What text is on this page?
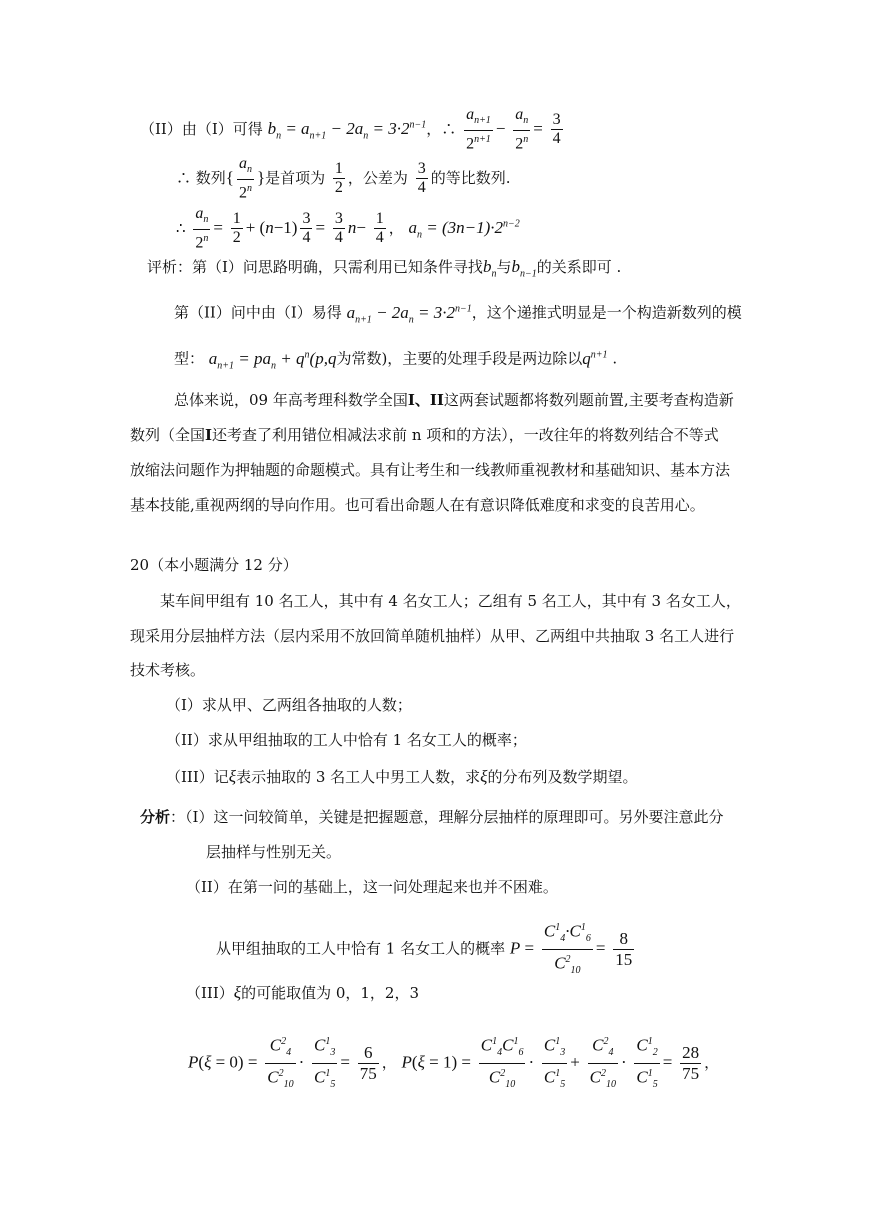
（II）由（I）可得 $b_n = a_{n+1} - 2a_n = 3\cdot 2^{n-1}$，∴ $\frac{a_{n+1}}{2^{n+1}} - \frac{a_n}{2^n} = \frac{3}{4}$
∴ 数列{ $\frac{a_n}{2^n}$ }是首项为 $\frac{1}{2}$ ，公差为 $\frac{3}{4}$ 的等比数列.
∴ $\frac{a_n}{2^n} = \frac{1}{2} + (n-1) \frac{3}{4} = \frac{3}{4} n- \frac{1}{4}$ ， $a_n = (3n-1)\cdot 2^{n-2}$
评析：第（I）问思路明确，只需利用已知条件寻找$b_n$与$b_{n-1}$的关系即可 .
第（II）问中由（I）易得 $a_{n+1} - 2a_n = 3\cdot 2^{n-1}$，这个递推式明显是一个构造新数列的模
型： $a_{n+1} = pa_n + q^n(p,q$为常数)，主要的处理手段是两边除以$q^{n+1}$ .
总体来说，09 年高考理科数学全国I、II这两套试题都将数列题前置,主要考查构造新
数列（全国I还考查了利用错位相减法求前 n 项和的方法），一改往年的将数列结合不等式
放缩法问题作为押轴题的命题模式。具有让考生和一线教师重视教材和基础知识、基本方法
基本技能,重视两纲的导向作用。也可看出命题人在有意识降低难度和求变的良苦用心。
20（本小题满分 12 分）
某车间甲组有 10 名工人，其中有 4 名女工人；乙组有 5 名工人，其中有 3 名女工人，
现采用分层抽样方法（层内采用不放回简单随机抽样）从甲、乙两组中共抽取 3 名工人进行
技术考核。
（I）求从甲、乙两组各抽取的人数；
（II）求从甲组抽取的工人中恰有 1 名女工人的概率；
（III）记ξ表示抽取的 3 名工人中男工人数，求ξ的分布列及数学期望。
分析：（I）这一问较简单，关键是把握题意，理解分层抽样的原理即可。另外要注意此分
层抽样与性别无关。
（II）在第一问的基础上，这一问处理起来也并不困难。
从甲组抽取的工人中恰有 1 名女工人的概率 $P = \frac{C^1_4\cdot C^1_6}{C^2_{10}} = \frac{8}{15}$
（III）ξ的可能取值为 0，1，2，3
$P(\xi = 0) = \frac{C^2_4}{C^2_{10}} \cdot \frac{C^1_3}{C^1_5} = \frac{6}{75}$ ， $P(\xi = 1) = \frac{C^1_4C^1_6}{C^2_{10}} \cdot \frac{C^1_3}{C^1_5} + \frac{C^2_4}{C^2_{10}} \cdot \frac{C^1_2}{C^1_5} = \frac{28}{75}$ ，
